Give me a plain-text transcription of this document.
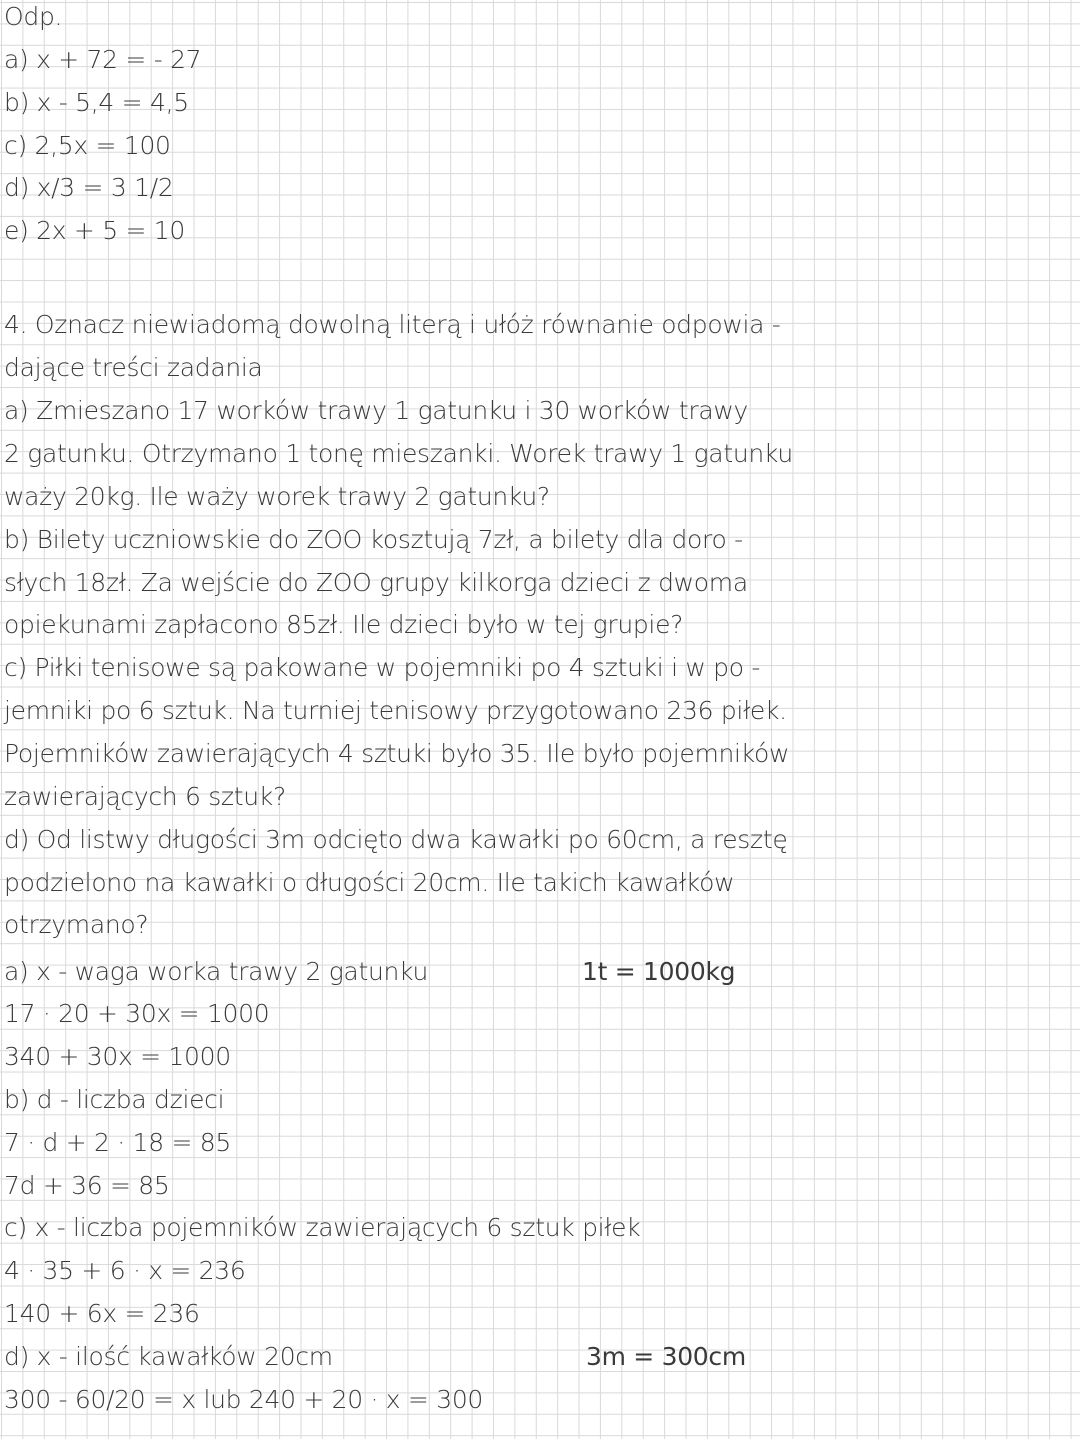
Odp.
a) x + 72 = - 27
b) x - 5,4 = 4,5
c) 2,5x = 100
d) x/3 = 3 1/2
e) 2x + 5 = 10
4. Oznacz niewiadomą dowolną literą i ułóż równanie odpowia -
dające treści zadania
a) Zmieszano 17 worków trawy 1 gatunku i 30 worków trawy
2 gatunku. Otrzymano 1 tonę mieszanki. Worek trawy 1 gatunku
waży 20kg. Ile waży worek trawy 2 gatunku?
b) Bilety uczniowskie do ZOO kosztują 7zł, a bilety dla doro -
słych 18zł. Za wejście do ZOO grupy kilkorga dzieci z dwoma
opiekunami zapłacono 85zł. Ile dzieci było w tej grupie?
c) Piłki tenisowe są pakowane w pojemniki po 4 sztuki i w po -
jemniki po 6 sztuk. Na turniej tenisowy przygotowano 236 piłek.
Pojemników zawierających 4 sztuki było 35. Ile było pojemników
zawierających 6 sztuk?
d) Od listwy długości 3m odcięto dwa kawałki po 60cm, a resztę
podzielono na kawałki o długości 20cm. Ile takich kawałków
otrzymano?
a) x - waga worka trawy 2 gatunku	1t = 1000kg
17 · 20 + 30x = 1000
340 + 30x = 1000
b) d - liczba dzieci
7 · d + 2 · 18 = 85
7d + 36 = 85
c) x - liczba pojemników zawierających 6 sztuk piłek
4 · 35 + 6 · x = 236
140 + 6x = 236
d) x - ilość kawałków 20cm	3m = 300cm
300 - 60/20 = x lub 240 + 20 · x = 300
